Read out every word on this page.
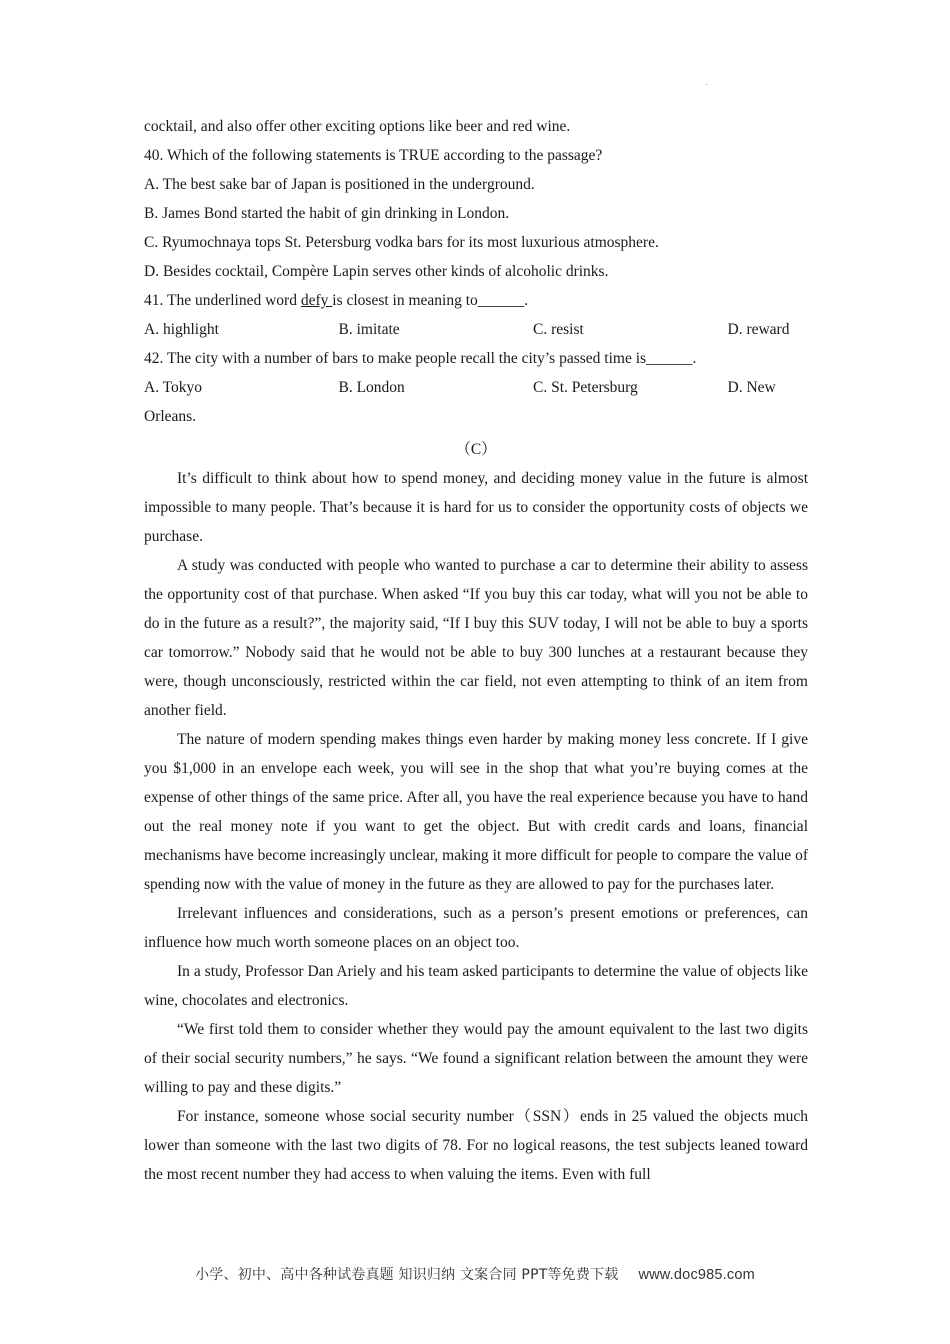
cocktail, and also offer other exciting options like beer and red wine.
40. Which of the following statements is TRUE according to the passage?
A. The best sake bar of Japan is positioned in the underground.
B. James Bond started the habit of gin drinking in London.
C. Ryumochnaya tops St. Petersburg vodka bars for its most luxurious atmosphere.
D. Besides cocktail, Compère Lapin serves other kinds of alcoholic drinks.
41. The underlined word defy is closest in meaning to______.
A. highlight	B. imitate	C. resist	D. reward
42. The city with a number of bars to make people recall the city’s passed time is______.
A. Tokyo	B. London	C. St. Petersburg	D. New
Orleans.
（C）

It’s difficult to think about how to spend money, and deciding money value in the future is almost impossible to many people. That’s because it is hard for us to consider the opportunity costs of objects we purchase.

A study was conducted with people who wanted to purchase a car to determine their ability to assess the opportunity cost of that purchase. When asked “If you buy this car today, what will you not be able to do in the future as a result?”, the majority said, “If I buy this SUV today, I will not be able to buy a sports car tomorrow.” Nobody said that he would not be able to buy 300 lunches at a restaurant because they were, though unconsciously, restricted within the car field, not even attempting to think of an item from another field.

The nature of modern spending makes things even harder by making money less concrete. If I give you $1,000 in an envelope each week, you will see in the shop that what you’re buying comes at the expense of other things of the same price. After all, you have the real experience because you have to hand out the real money note if you want to get the object. But with credit cards and loans, financial mechanisms have become increasingly unclear, making it more difficult for people to compare the value of spending now with the value of money in the future as they are allowed to pay for the purchases later.

Irrelevant influences and considerations, such as a person’s present emotions or preferences, can influence how much worth someone places on an object too.

In a study, Professor Dan Ariely and his team asked participants to determine the value of objects like wine, chocolates and electronics.

“We first told them to consider whether they would pay the amount equivalent to the last two digits of their social security numbers,” he says. “We found a significant relation between the amount they were willing to pay and these digits.”

For instance, someone whose social security number（SSN）ends in 25 valued the objects much lower than someone with the last two digits of 78. For no logical reasons, the test subjects leaned toward the most recent number they had access to when valuing the items. Even with full

小学、初中、高中各种试卷真题 知识归纳 文案合同 PPT等免费下载 www.doc985.com
